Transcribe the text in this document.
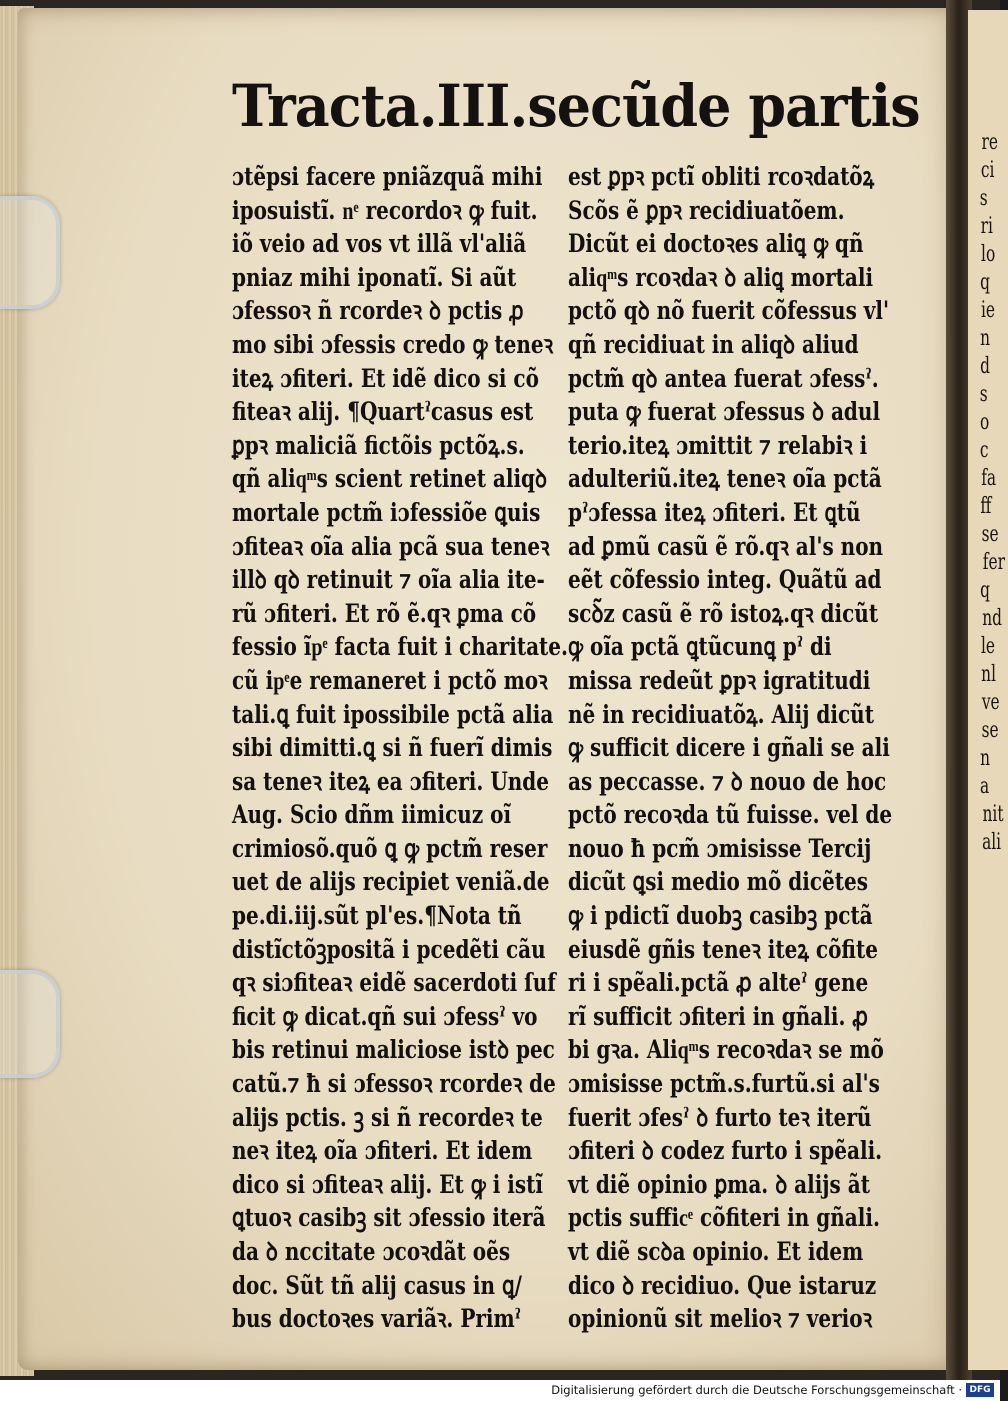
re
ci
s
ri
lo
q
ie
n
d
s
o
c
fa
ff
se
fer
q
nd
le
nl
ve
se
n
a
nit
ali
Tracta.III.secũde partis
ɔtẽpsi facere pniãzquã mihi
iposuistĩ. nͤ recordoꝛ ꝙ fuit.
iõ veio ad vos vt illã vl'aliã
pniaz mihi iponatĩ. Si aũt
ɔfessoꝛ ñ rcordeꝛ ꝺ pctis ꝓ
mo sibi ɔfessis credo ꝙ teneꝛ
iteꝝ ɔfiteri. Et idẽ dico si cõ
fiteaꝛ alij. ¶Quartˀcasus est
ꝑpꝛ maliciã fictõis pctõꝝ.s.
qñ aliqͫs scient retinet aliqꝺ
mortale pctm̃ iɔfessiõe ꝗuis
ɔfiteaꝛ oĩa alia pcã sua teneꝛ
illꝺ qꝺ retinuit ⁊ oĩa alia ite-
rũ ɔfiteri. Et rõ ẽ.qꝛ ꝑma cõ
fessio ĩpͤ facta fuit i charitate.
cũ ipͤe remaneret i pctõ moꝛ
tali.ꝗ fuit ipossibile pctã alia
sibi dimitti.ꝗ si ñ fuerĩ dimis
sa teneꝛ iteꝝ ea ɔfiteri. Unde
Aug. Scio dñm iimicuz oĩ
crimiosõ.quõ ꝗ ꝙ pctm̃ reser
uet de alijs recipiet veniã.de
pe.di.iij.sũt pl'es.¶Nota tñ
distĩctõꝫpositã i pcedẽti cãu
qꝛ siɔfiteaꝛ eidẽ sacerdoti ſuf
ficit ꝙ dicat.qñ sui ɔfessˀ vo
bis retinui maliciose istꝺ pec
catũ.⁊ ħ si ɔfessoꝛ rcordeꝛ de
alijs pctis. ꝫ si ñ recordeꝛ te
neꝛ iteꝝ oĩa ɔfiteri. Et idem
dico si ɔfiteaꝛ alij. Et ꝙ i istĩ
ꝗtuoꝛ casibꝫ sit ɔfessio iterã
da ꝺ nccitate ɔcoꝛdãt oẽs
doc. Sũt tñ alij casus in ꝗ/
bus doctoꝛes variãꝛ. Primˀ
est ꝑpꝛ pctĩ obliti rcoꝛdatõꝝ
Scõs ẽ ꝑpꝛ recidiuatõem.
Dicũt ei doctoꝛes aliꝗ ꝙ qñ
aliqͫs rcoꝛdaꝛ ꝺ aliꝗ mortali
pctõ qꝺ nõ fuerit cõfessus vl'
qñ recidiuat in aliqꝺ aliud
pctm̃ qꝺ antea fuerat ɔfessˀ.
puta ꝙ fuerat ɔfessus ꝺ adul
terio.iteꝝ ɔmittit ⁊ relabiꝛ i
adulteriũ.iteꝝ teneꝛ oĩa pctã
pˀɔfessa iteꝝ ɔfiteri. Et ꝗtũ
ad ꝑmũ casũ ẽ rõ.qꝛ al's non
eẽt cõfessio integ. Quãtũ ad
scꝺ̃z casũ ẽ rõ istoꝝ.qꝛ dicũt
ꝙ oĩa pctã ꝗtũcunꝗ pˀ di
missa redeũt ꝑpꝛ igratitudi
nẽ in recidiuatõꝝ. Alij dicũt
ꝙ sufficit dicere i gñali se ali
as peccasse. ⁊ ꝺ nouo de hoc
pctõ recoꝛda tũ fuisse. vel de
nouo ħ pcm̃ ɔmisisse Tercij
dicũt ꝗsi medio mõ dicẽtes
ꝙ i pdictĩ duobꝫ casibꝫ pctã
eiusdẽ gñis teneꝛ iteꝝ cõfite
ri i spẽali.pctã ꝓ alteˀ gene
rĩ sufficit ɔfiteri in gñali. ꝓ
bi gꝛa. Aliqͫs recoꝛdaꝛ se mõ
ɔmisisse pctm̃.s.furtũ.si al's
fuerit ɔfesˀ ꝺ furto teꝛ iterũ
ɔfiteri ꝺ codez furto i spẽali.
vt diẽ opinio ꝑma. ꝺ alijs ãt
pctis sufficͤ cõfiteri in gñali.
vt diẽ scꝺa opinio. Et idem
dico ꝺ recidiuo. Que istaruz
opinionũ sit melioꝛ ⁊ verioꝛ
Digitalisierung gefördert durch die Deutsche Forschungsgemeinschaft · DFG
